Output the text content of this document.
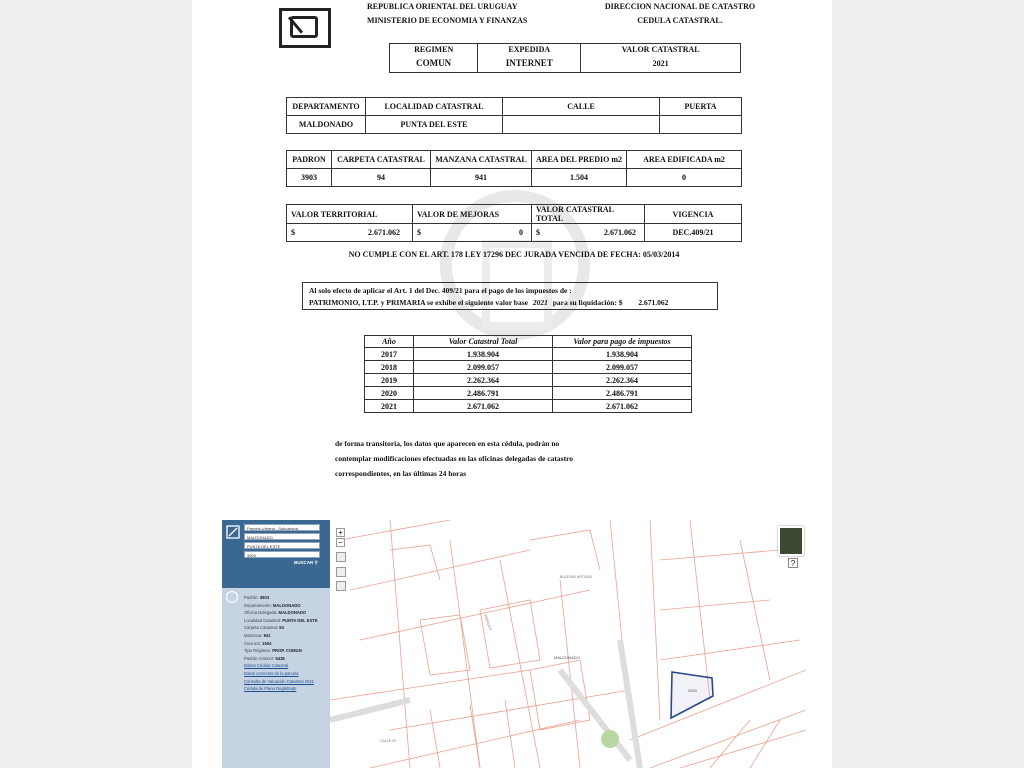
REPUBLICA ORIENTAL DEL URUGUAY
MINISTERIO DE ECONOMIA Y FINANZAS
DIRECCION NACIONAL DE CATASTRO
CEDULA CATASTRAL.
REGIMEN	EXPEDIDA	VALOR CATASTRAL
COMUN	INTERNET	2021
DEPARTAMENTO	LOCALIDAD CATASTRAL	CALLE	PUERTA
MALDONADO	PUNTA DEL ESTE		
PADRON	CARPETA CATASTRAL	MANZANA CATASTRAL	AREA DEL PREDIO m2	AREA EDIFICADA m2
3903	94	941	1.504	0
VALOR TERRITORIAL	VALOR DE MEJORAS	VALOR CATASTRAL TOTAL	VIGENCIA
$ 2.671.062	$ 0	$ 2.671.062	DEC.409/21
NO CUMPLE CON EL ART. 178 LEY 17296 DEC JURADA VENCIDA DE FECHA: 05/03/2014
Al solo efecto de aplicar el Art. 1 del Dec. 409/21 para el pago de los impuestos de :
PATRIMONIO, I.T.P. y PRIMARIA se exhibe el siguiente valor base 2021 para su liquidación: $ 2.671.062
Año	Valor Catastral Total	Valor para pago de impuestos
2017	1.938.904	1.938.904
2018	2.099.057	2.099.057
2019	2.262.364	2.262.364
2020	2.486.791	2.486.791
2021	2.671.062	2.671.062
de forma transitoria, los datos que aparecen en esta cédula, podrán no
contemplar modificaciones efectuadas en las oficinas delegadas de catastro
correspondientes, en las últimas 24 horas
MALDONADO
3903
BULEVAR ARTIGAS
PERALES
CALLE 29
Parcela Urbana - Suburbana
MALDONADO
PUNTA DEL ESTE
3903
BUSCAR ⚲
Padrón: 3903
Departamento: MALDONADO
Oficina Delegada: MALDONADO
Localidad Catastral: PUNTA DEL ESTE
Carpeta Catastral: 94
Manzana: 941
Área m2: 1504
Tipo Régimen: PROP. COMUN
Padrón Anterior: 6436
Boleta Cédula Catastral
Datos correctos de la parcela
Consulta de Valuación Catastral 2021
Cédula de Plano Registrado
+
−
?
